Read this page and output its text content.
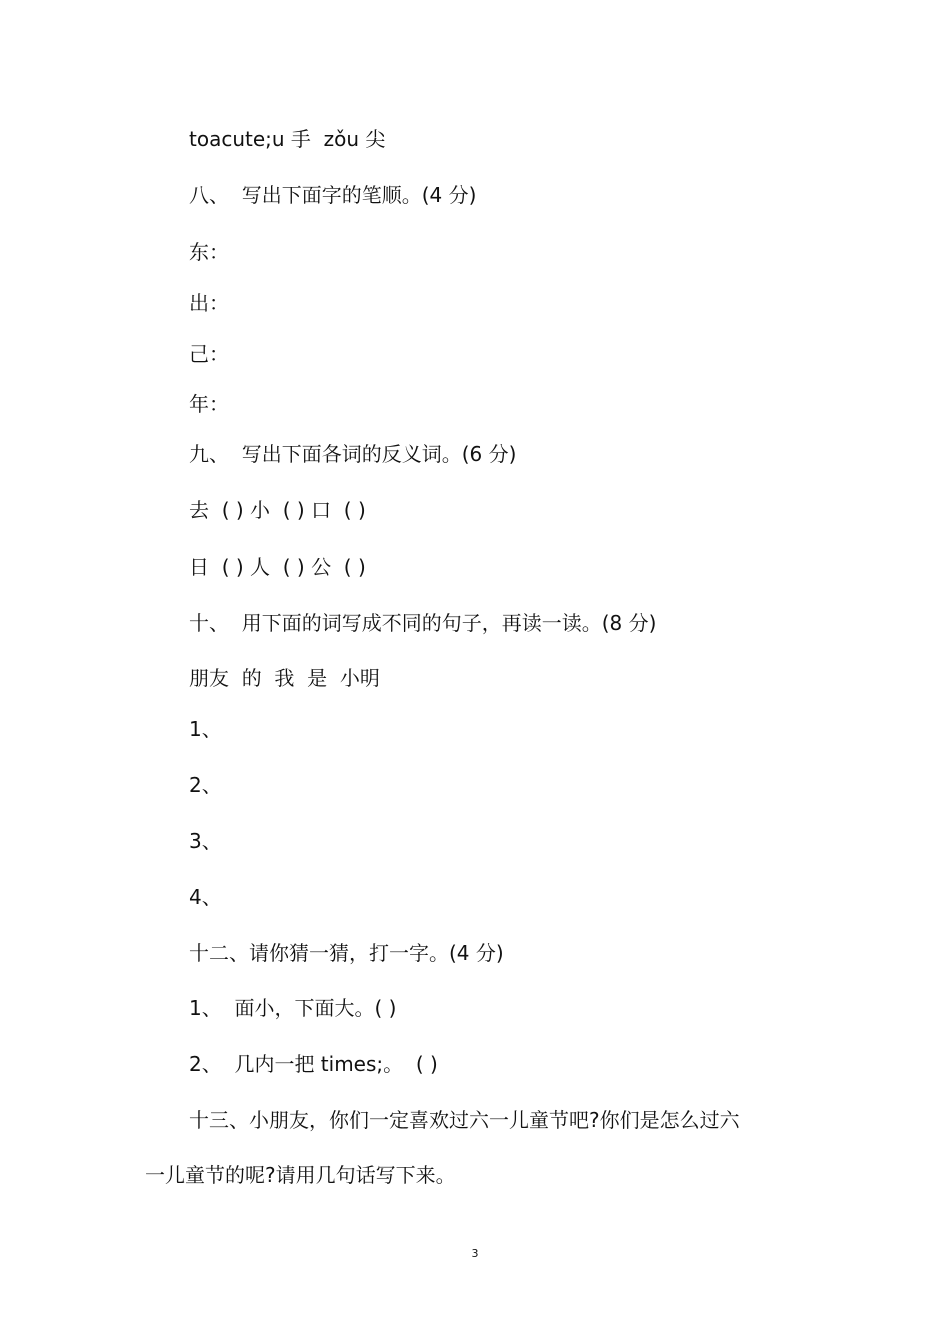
toacute;u 手  zǒu 尖
八、  写出下面字的笔顺。(4 分)
东：
出：
己：
年：
九、  写出下面各词的反义词。(6 分)
去  ( ) 小  ( ) 口  ( )
日  ( ) 人  ( ) 公  ( )
十、  用下面的词写成不同的句子，再读一读。(8 分)
朋友  的  我  是  小明
1、
2、
3、
4、
十二、请你猜一猜，打一字。(4 分)
1、  面小，下面大。( )
2、  几内一把 times;。  ( )
十三、小朋友，你们一定喜欢过六一儿童节吧?你们是怎么过六
一儿童节的呢?请用几句话写下来。
3
